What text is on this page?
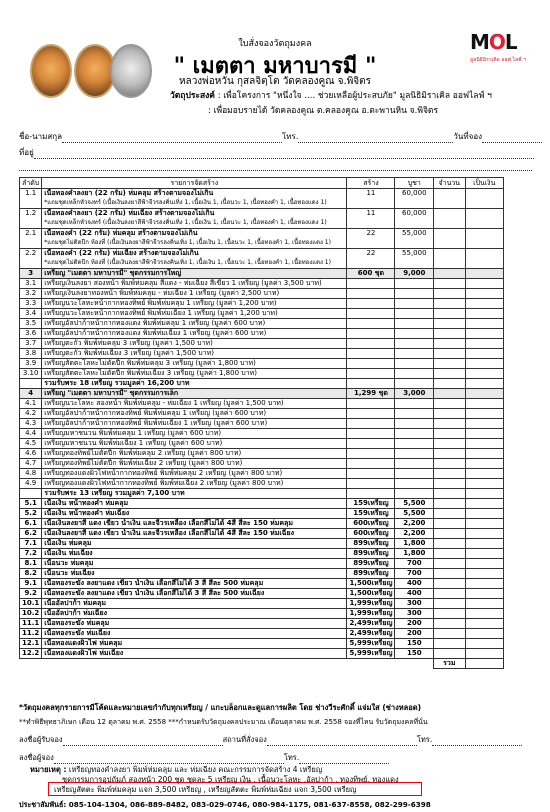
ใบสั่งจองวัตถุมงคล
" เมตตา มหาบารมี "
หลวงพ่อหวั่น กุสลจิตฺโต วัดคลองคูณ จ.พิจิตร
วัตถุประสงค์ : เพื่อโครงการ "หนึ่งใจ .... ช่วยเหลือผู้ประสบภัย" มูลนิธิมิราเคิล ออฟไลฟ์ ฯ
: เพื่อมอบรายได้ วัดคลองคูณ ต.คลองคูณ อ.ตะพานหิน จ.พิจิตร
MOL
มูลนิธิมิราเคิล ออฟ ไลฟ์ ฯ
ชื่อ-นามสกุล	โทร.	วันที่จอง
ที่อยู่
ลำดับ	รายการจัดสร้าง	สร้าง	บูชา	จำนวน	เป็นเงิน
1.1	เนื้อทองคำลงยา (22 กรัม) ห่มคลุม สร้างตามจองไม่เกิน
*แถมชุดเหล็กหัวจงทร์ (เนื้อเงินลงยาสีฟ้าจีวรลงคิ่นเทิ่ง 1, เนื้อเงิน 1, เนื้อนวะ 1, เนื้อทองคำ 1, เนื้อทองแดง 1)	11	60,000		
1.2	เนื้อทองคำลงยา (22 กรัม) ห่มเฉียง สร้างตามจองไม่เกิน
*แถมชุดเหล็กหัวจงทร์ (เนื้อเงินลงยาสีฟ้าจีวรลงคิ่นเทิ่ง 1, เนื้อเงิน 1, เนื้อนวะ 1, เนื้อทองคำ 1, เนื้อทองแดง 1)	11	60,000		
2.1	เนื้อทองคำ (22 กรัม) ห่มคลุม สร้างตามจองไม่เกิน
*แถมชุดไม่ติดปีก ห้องที่ (เนื้อเงินลงยาสีฟ้าจีวรลงคิ่นเทิ่ง 1, เนื้อเงิน 1, เนื้อนวะ 1, เนื้อทองคำ 1, เนื้อทองแดง 1)	22	55,000		
2.2	เนื้อทองคำ (22 กรัม) ห่มเฉียง สร้างตามจองไม่เกิน
*แถมชุดไม่ติดปีก ห้องที่ (เนื้อเงินลงยาสีฟ้าจีวรลงคิ่นเทิ่ง 1, เนื้อเงิน 1, เนื้อนวะ 1, เนื้อทองคำ 1, เนื้อทองแดง 1)	22	55,000		
3	เหรียญ "เมตตา มหาบารมี" ชุดกรรมการใหญ่	600 ชุด	9,000		
3.1	เหรียญเงินลงยา สองหน้า พิมพ์ห่มคลุม สีแดง - ห่มเฉียง สีเขียว 1 เหรียญ (มูลค่า 3,500 บาท)				
3.2	เหรียญเงินลงยาทองหน้า พิมพ์ห่มคลุม - ห่มเฉียง 1 เหรียญ (มูลค่า 2,500 บาท)				
3.3	เหรียญนวะโลหะหน้ากากทองทิพย์ พิมพ์ห่มคลุม 1 เหรียญ (มูลค่า 1,200 บาท)				
3.4	เหรียญนวะโลหะหน้ากากทองทิพย์ พิมพ์ห่มเฉียง 1 เหรียญ (มูลค่า 1,200 บาท)				
3.5	เหรียญอัลปาก้าหน้ากากทองแดง พิมพ์ห่มคลุม 1 เหรียญ (มูลค่า 600 บาท)				
3.6	เหรียญอัลปาก้าหน้ากากทองแดง พิมพ์ห่มเฉียง 1 เหรียญ (มูลค่า 600 บาท)				
3.7	เหรียญตะกั่ว พิมพ์ห่มคลุม 3 เหรียญ (มูลค่า 1,500 บาท)				
3.8	เหรียญตะกั่ว พิมพ์ห่มเฉียง 3 เหรียญ (มูลค่า 1,500 บาท)				
3.9	เหรียญสัตตะโลหะไม่ตัดปีก พิมพ์ห่มคลุม 3 เหรียญ (มูลค่า 1,800 บาท)				
3.10	เหรียญสัตตะโลหะไม่ตัดปีก พิมพ์ห่มเฉียง 3 เหรียญ (มูลค่า 1,800 บาท)				
	รวมรับพระ 18 เหรียญ รวมมูลค่า 16,200 บาท				
4	เหรียญ "เมตตา มหาบารมี" ชุดกรรมการเล็ก	1,299 ชุด	3,000		
4.1	เหรียญนวะโลหะ สองหน้า พิมพ์ห่มคลุม - ห่มเฉียง 1 เหรียญ (มูลค่า 1,500 บาท)				
4.2	เหรียญอัลปาก้าหน้ากากทองทิพย์ พิมพ์ห่มคลุม 1 เหรียญ (มูลค่า 600 บาท)				
4.3	เหรียญอัลปาก้าหน้ากากทองทิพย์ พิมพ์ห่มเฉียง 1 เหรียญ (มูลค่า 600 บาท)				
4.4	เหรียญมหาชนวน พิมพ์ห่มคลุม 1 เหรียญ (มูลค่า 600 บาท)				
4.5	เหรียญมหาชนวน พิมพ์ห่มเฉียง 1 เหรียญ (มูลค่า 600 บาท)				
4.6	เหรียญทองทิพย์ไม่ตัดปีก พิมพ์ห่มคลุม 2 เหรียญ (มูลค่า 800 บาท)				
4.7	เหรียญทองทิพย์ไม่ตัดปีก พิมพ์ห่มเฉียง 2 เหรียญ (มูลค่า 800 บาท)				
4.8	เหรียญทองแดงผิวไฟหน้ากากทองทิพย์ พิมพ์ห่มคลุม 2 เหรียญ (มูลค่า 800 บาท)				
4.9	เหรียญทองแดงผิวไฟหน้ากากทองทิพย์ พิมพ์ห่มเฉียง 2 เหรียญ (มูลค่า 800 บาท)				
	รวมรับพระ 13 เหรียญ รวมมูลค่า 7,100 บาท				
5.1	เนื้อเงิน หน้าทองคำ ห่มคลุม	159เหรียญ	5,500		
5.2	เนื้อเงิน หน้าทองคำ ห่มเฉียง	159เหรียญ	5,500		
6.1	เนื้อเงินลงยาสี แดง เขียว น้ำเงิน และจีวรเหลือง เลือกสีไม่ได้ 4สี สีละ 150 ห่มคลุม	600เหรียญ	2,200		
6.2	เนื้อเงินลงยาสี แดง เขียว น้ำเงิน และจีวรเหลือง เลือกสีไม่ได้ 4สี สีละ 150 ห่มเฉียง	600เหรียญ	2,200		
7.1	เนื้อเงิน ห่มคลุม	899เหรียญ	1,800		
7.2	เนื้อเงิน ห่มเฉียง	899เหรียญ	1,800		
8.1	เนื้อนวะ ห่มคลุม	899เหรียญ	700		
8.2	เนื้อนวะ ห่มเฉียง	899เหรียญ	700		
9.1	เนื้อทองระฆัง ลงยาแดง เขียว น้ำเงิน เลือกสีไม่ได้ 3 สี สีละ 500 ห่มคลุม	1,500เหรียญ	400		
9.2	เนื้อทองระฆัง ลงยาแดง เขียว น้ำเงิน เลือกสีไม่ได้ 3 สี สีละ 500 ห่มเฉียง	1,500เหรียญ	400		
10.1	เนื้ออัลปาก้า ห่มคลุม	1,999เหรียญ	300		
10.2	เนื้ออัลปาก้า ห่มเฉียง	1,999เหรียญ	300		
11.1	เนื้อทองระฆัง ห่มคลุม	2,499เหรียญ	200		
11.2	เนื้อทองระฆัง ห่มเฉียง	2,499เหรียญ	200		
12.1	เนื้อทองแดงผิวไฟ ห่มคลุม	5,999เหรียญ	150		
12.2	เนื้อทองแดงผิวไฟ ห่มเฉียง	5,999เหรียญ	150		
				รวม	
*วัตถุมงคลทุกรายการมีโค้ดและหมายเลขกำกับทุกเหรียญ / แกะบล็อกและดูแลการผลิต โดย ช่างวีระศักดิ์ แจ่มใส (ช่างหลอด)
**ทำพิธีพุทธาภิเษก เดือน 12 ตุลาคม พ.ศ. 2558 ***กำหนดรับวัตถุมงคลประมาณ เดือนตุลาคม พ.ศ. 2558 จองที่ไหน รับวัตถุมงคลที่นั่น
ลงชื่อผู้รับจอง	สถานที่สั่งจอง	โทร.
ลงชื่อผู้จอง	โทร.
หมายเหตุ : เหรียญทองคำลงยา พิมพ์ห่มคลุม และ ห่มเฉียง คณะกรรมการจัดสร้าง 4 เหรียญ
ชุดกรรมการอุปถัมภ์ สองหน้า 200 ชุด ชุดละ 5 เหรียญ เงิน , เนื้อนวะโลหะ ,อัลปาก้า , ทองทิพย์, ทองแดง
เหรียญสัตตะ พิมพ์ห่มคลุม แจก 3,500 เหรียญ , เหรียญสัตตะ พิมพ์ห่มเฉียง แจก 3,500 เหรียญ
ประชาสัมพันธ์: 085-104-1304, 086-889-8482, 083-029-0746, 080-984-1175, 081-637-8558, 082-299-6398
